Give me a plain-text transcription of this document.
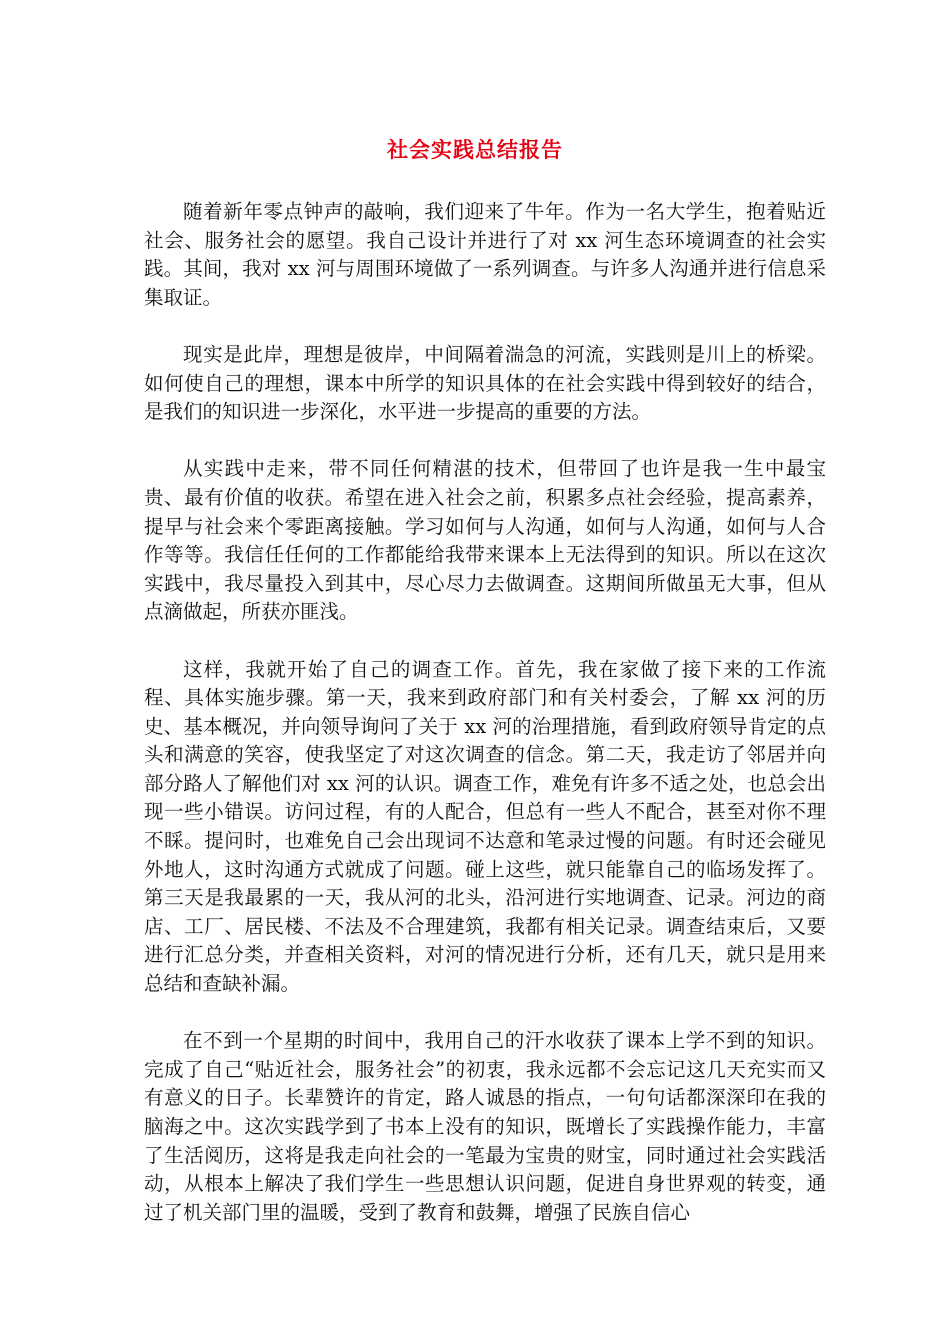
社会实践总结报告

随着新年零点钟声的敲响，我们迎来了牛年。作为一名大学生，抱着贴近社会、服务社会的愿望。我自己设计并进行了对 xx 河生态环境调查的社会实践。其间，我对 xx 河与周围环境做了一系列调查。与许多人沟通并进行信息采集取证。

现实是此岸，理想是彼岸，中间隔着湍急的河流，实践则是川上的桥梁。如何使自己的理想，课本中所学的知识具体的在社会实践中得到较好的结合，是我们的知识进一步深化，水平进一步提高的重要的方法。

从实践中走来，带不同任何精湛的技术，但带回了也许是我一生中最宝贵、最有价值的收获。希望在进入社会之前，积累多点社会经验，提高素养，提早与社会来个零距离接触。学习如何与人沟通，如何与人沟通，如何与人合作等等。我信任任何的工作都能给我带来课本上无法得到的知识。所以在这次实践中，我尽量投入到其中，尽心尽力去做调查。这期间所做虽无大事，但从点滴做起，所获亦匪浅。

这样，我就开始了自己的调查工作。首先，我在家做了接下来的工作流程、具体实施步骤。第一天，我来到政府部门和有关村委会，了解 xx 河的历史、基本概况，并向领导询问了关于 xx 河的治理措施，看到政府领导肯定的点头和满意的笑容，使我坚定了对这次调查的信念。第二天，我走访了邻居并向部分路人了解他们对 xx 河的认识。调查工作，难免有许多不适之处，也总会出现一些小错误。访问过程，有的人配合，但总有一些人不配合，甚至对你不理不睬。提问时，也难免自己会出现词不达意和笔录过慢的问题。有时还会碰见外地人，这时沟通方式就成了问题。碰上这些，就只能靠自己的临场发挥了。第三天是我最累的一天，我从河的北头，沿河进行实地调查、记录。河边的商店、工厂、居民楼、不法及不合理建筑，我都有相关记录。调查结束后，又要进行汇总分类，并查相关资料，对河的情况进行分析，还有几天，就只是用来总结和查缺补漏。

在不到一个星期的时间中，我用自己的汗水收获了课本上学不到的知识。完成了自己“贴近社会，服务社会”的初衷，我永远都不会忘记这几天充实而又有意义的日子。长辈赞许的肯定，路人诚恳的指点，一句句话都深深印在我的脑海之中。这次实践学到了书本上没有的知识，既增长了实践操作能力，丰富了生活阅历，这将是我走向社会的一笔最为宝贵的财宝，同时通过社会实践活动，从根本上解决了我们学生一些思想认识问题，促进自身世界观的转变，通过了机关部门里的温暖，受到了教育和鼓舞，增强了民族自信心
